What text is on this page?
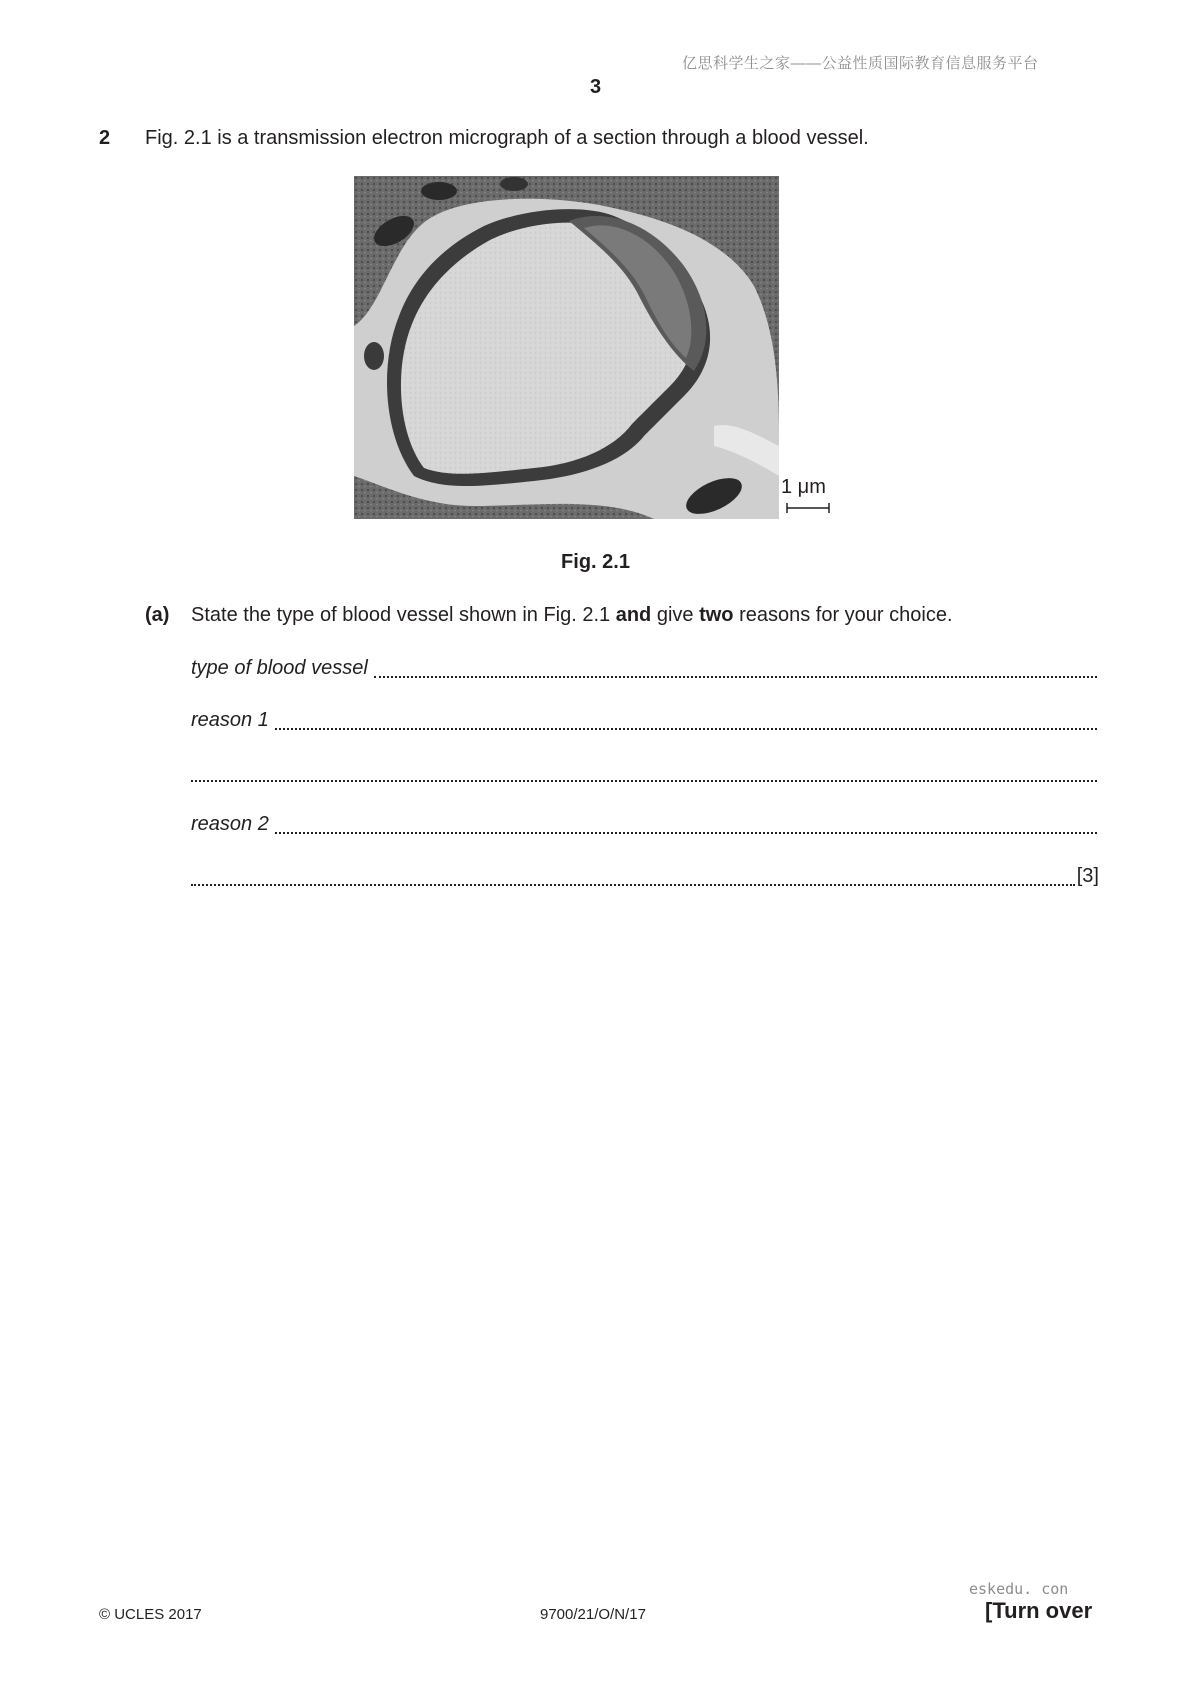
亿思科学生之家——公益性质国际教育信息服务平台
3
2 Fig. 2.1 is a transmission electron micrograph of a section through a blood vessel.
1 μm
Fig. 2.1
(a) State the type of blood vessel shown in Fig. 2.1 and give two reasons for your choice.
type of blood vessel
reason 1
reason 2
[3]
© UCLES 2017	9700/21/O/N/17
eskedu. con
[Turn over
